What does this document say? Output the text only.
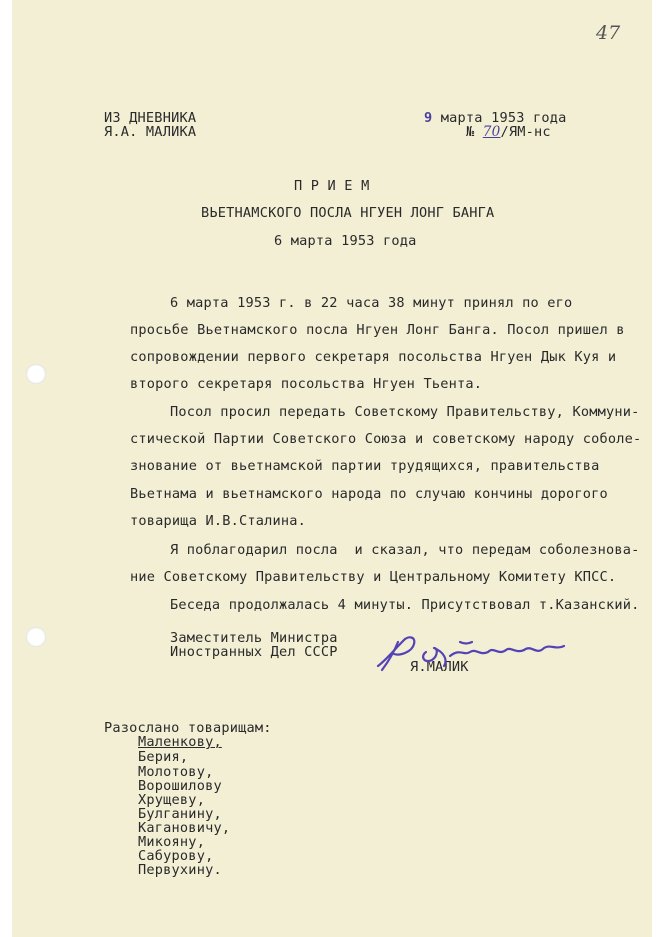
47
ИЗ ДНЕВНИКА
Я.А. МАЛИКА
9 марта 1953 года
№ 70/ЯМ-нс
П Р И Е М
ВЬЕТНАМСКОГО ПОСЛА НГУЕН ЛОНГ БАНГА
6 марта 1953 года
6 марта 1953 г. в 22 часа 38 минут принял по его
просьбе Вьетнамского посла Нгуен Лонг Банга. Посол пришел в
сопровождении первого секретаря посольства Нгуен Дык Куя и
второго секретаря посольства Нгуен Тьента.
Посол просил передать Советскому Правительству, Коммуни-
стической Партии Советского Союза и советскому народу соболе-
знование от вьетнамской партии трудящихся, правительства
Вьетнама и вьетнамского народа по случаю кончины дорогого
товарища И.В.Сталина.
Я поблагодарил посла  и сказал, что передам соболезнова-
ние Советскому Правительству и Центральному Комитету КПСС.
Беседа продолжалась 4 минуты. Присутствовал т.Казанский.
Заместитель Министра
Иностранных Дел СССР
Я.МАЛИК
Разослано товарищам:
Маленкову,
Берия,
Молотову,
Ворошилову
Хрущеву,
Булганину,
Кагановичу,
Микояну,
Сабурову,
Первухину.
